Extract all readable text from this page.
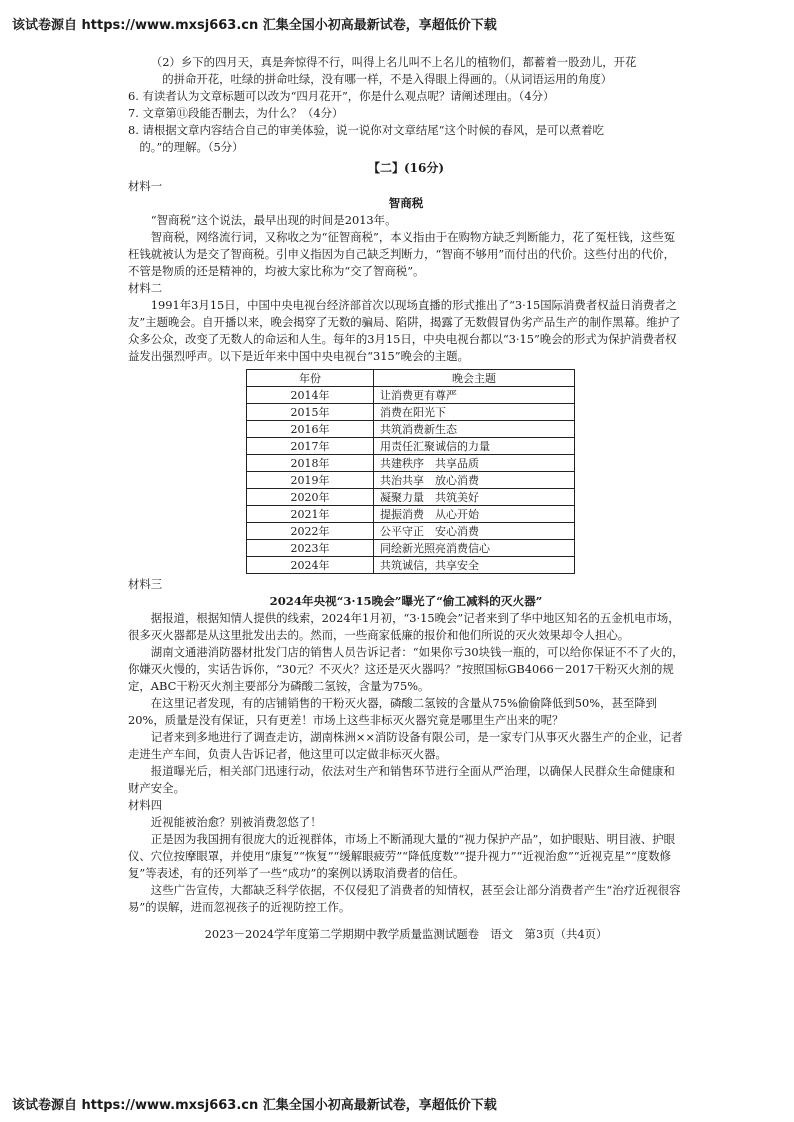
该试卷源自 https://www.mxsj663.cn 汇集全国小初高最新试卷，享超低价下载

（2）乡下的四月天，真是奔惊得不行，叫得上名儿叫不上名儿的植物们，都蓄着一股劲儿，开花

的拼命开花，吐绿的拼命吐绿，没有哪一样，不是入得眼上得画的。（从词语运用的角度）

6. 有读者认为文章标题可以改为“四月花开”，你是什么观点呢？请阐述理由。（4分）

7. 文章第⑪段能否删去，为什么？（4分）

8. 请根据文章内容结合自己的审美体验，说一说你对文章结尾“这个时候的春风，是可以煮着吃

的。”的理解。（5分）

【二】(16分)

材料一

智商税

“智商税”这个说法，最早出现的时间是2013年。

智商税，网络流行词，又称收之为“征智商税”，本义指由于在购物方缺乏判断能力，花了冤枉钱，这些冤枉钱就被认为是交了智商税。引申义指因为自己缺乏判断力，“智商不够用”而付出的代价。这些付出的代价，不管是物质的还是精神的，均被大家比称为“交了智商税”。

材料二

1991年3月15日，中国中央电视台经济部首次以现场直播的形式推出了“3·15国际消费者权益日消费者之友”主题晚会。自开播以来，晚会揭穿了无数的骗局、陷阱，揭露了无数假冒伪劣产品生产的制作黑幕。维护了众多公众，改变了无数人的命运和人生。每年的3月15日，中央电视台都以“3·15”晚会的形式为保护消费者权益发出强烈呼声。以下是近年来中国中央电视台“315”晚会的主题。

年份	晚会主题
2014年	让消费更有尊严
2015年	消费在阳光下
2016年	共筑消费新生态
2017年	用责任汇聚诚信的力量
2018年	共建秩序　共享品质
2019年	共治共享　放心消费
2020年	凝聚力量　共筑美好
2021年	提振消费　从心开始
2022年	公平守正　安心消费
2023年	同绘新光照亮消费信心
2024年	共筑诚信，共享安全

材料三

2024年央视“3·15晚会”曝光了“偷工减料的灭火器”

据报道，根据知情人提供的线索，2024年1月初，“3·15晚会”记者来到了华中地区知名的五金机电市场，很多灭火器都是从这里批发出去的。然而，一些商家低廉的报价和他们所说的灭火效果却令人担心。

湖南文通港消防器材批发门店的销售人员告诉记者：“如果你亏30块钱一瓶的，可以给你保证不不了火的，你嫌灭火慢的，实话告诉你，“30元？不灭火？这还是灭火器吗？”按照国标GB4066－2017干粉灭火剂的规定，ABC干粉灭火剂主要部分为磷酸二氢铵，含量为75%。

在这里记者发现，有的店铺销售的干粉灭火器，磷酸二氢铵的含量从75%偷偷降低到50%，甚至降到20%，质量是没有保证，只有更差！市场上这些非标灭火器究竟是哪里生产出来的呢？

记者来到多地进行了调查走访，湖南株洲××消防设备有限公司，是一家专门从事灭火器生产的企业，记者走进生产车间，负责人告诉记者，他这里可以定做非标灭火器。

报道曝光后，相关部门迅速行动，依法对生产和销售环节进行全面从严治理，以确保人民群众生命健康和财产安全。

材料四

近视能被治愈？别被消费忽悠了！

正是因为我国拥有很庞大的近视群体，市场上不断涌现大量的“视力保护产品”，如护眼贴、明目液、护眼仪、穴位按摩眼罩，并使用“康复”“恢复”“缓解眼疲劳”“降低度数”“提升视力”“近视治愈”“近视克星”“度数修复”等表述，有的还列举了一些“成功”的案例以诱取消费者的信任。

这些广告宣传，大都缺乏科学依据，不仅侵犯了消费者的知情权，甚至会让部分消费者产生“治疗近视很容易”的误解，进而忽视孩子的近视防控工作。

2023－2024学年度第二学期期中教学质量监测试题卷　语文　第3页（共4页）
该试卷源自 https://www.mxsj663.cn 汇集全国小初高最新试卷，享超低价下载
